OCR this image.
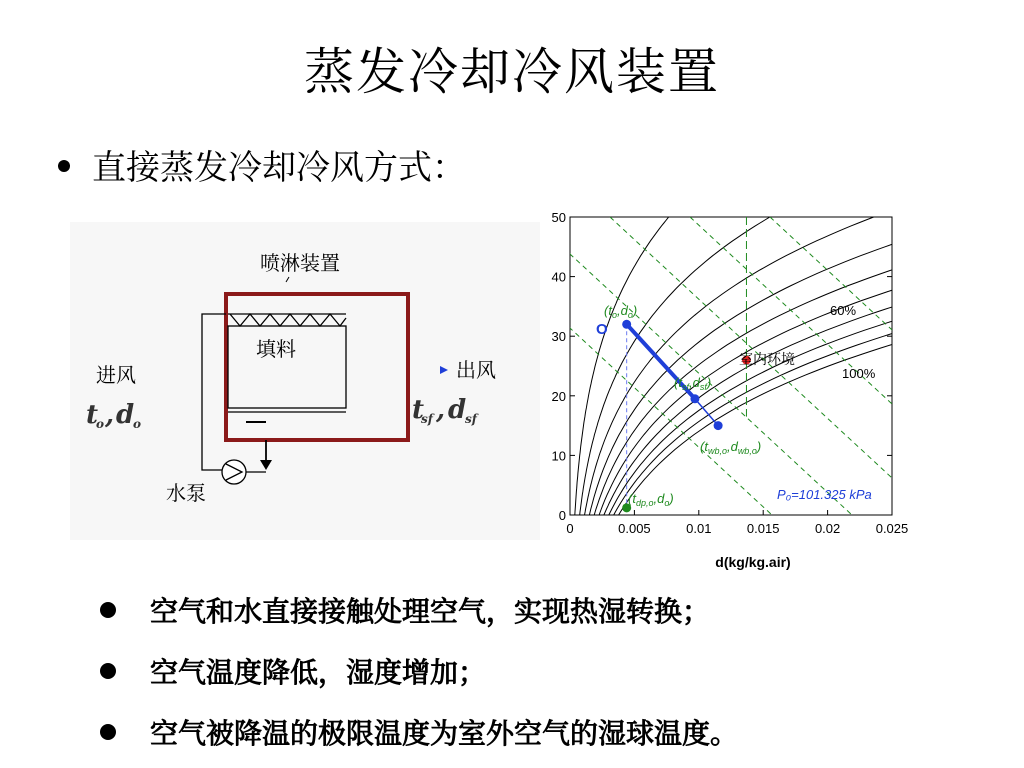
蒸发冷却冷风装置
直接蒸发冷却冷风方式：
喷淋装置
填料
进风	出风
水泵
t
o , d
o	t
sf , d
sf
0	0.005	0.01	0.015	0.02	0.025
0
10
20
30
40
50
d(kg/kg.air)
60%
100%
P₀=101.325 kPa
O
室内环境
$(t_o,d_o)$
$(t_{sf},d_{sf})$
$(t_{wb,o},d_{wb,o})$
$(t_{dp,o},d_o)$
空气和水直接接触处理空气，实现热湿转换；
空气温度降低，湿度增加；
空气被降温的极限温度为室外空气的湿球温度。
